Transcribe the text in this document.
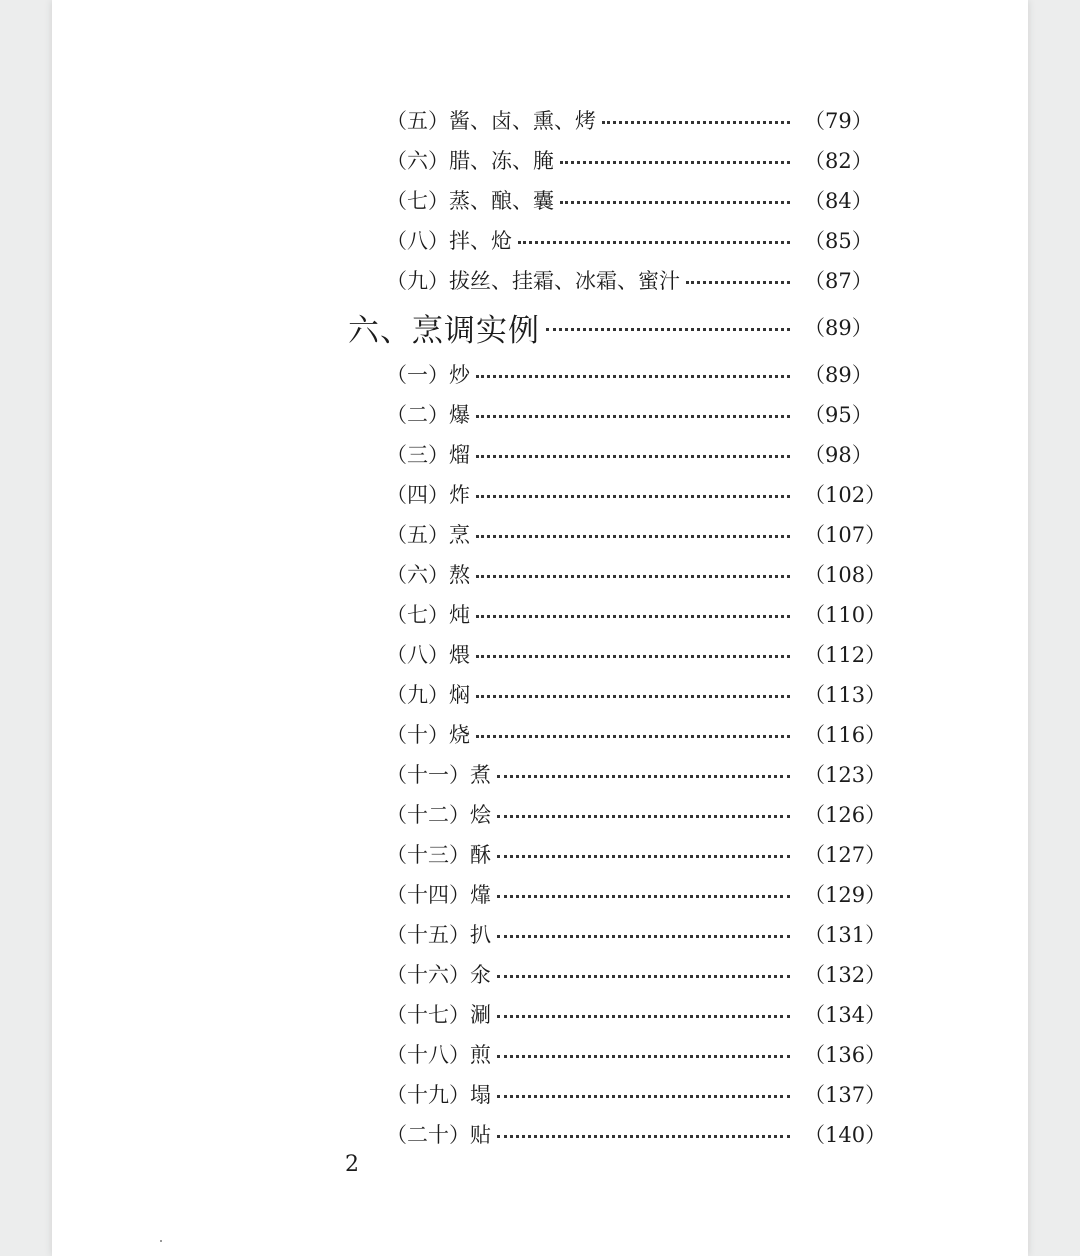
（五）酱、卤、熏、烤	（79）
（六）腊、冻、腌	（82）
（七）蒸、酿、囊	（84）
（八）拌、炝	（85）
（九）拔丝、挂霜、冰霜、蜜汁	（87）
六、烹调实例	（89）
（一）炒	（89）
（二）爆	（95）
（三）熘	（98）
（四）炸	（102）
（五）烹	（107）
（六）熬	（108）
（七）炖	（110）
（八）煨	（112）
（九）焖	（113）
（十）烧	（116）
（十一）煮	（123）
（十二）烩	（126）
（十三）酥	（127）
（十四）㸆	（129）
（十五）扒	（131）
（十六）氽	（132）
（十七）涮	（134）
（十八）煎	（136）
（十九）塌	（137）
（二十）贴	（140）
2
